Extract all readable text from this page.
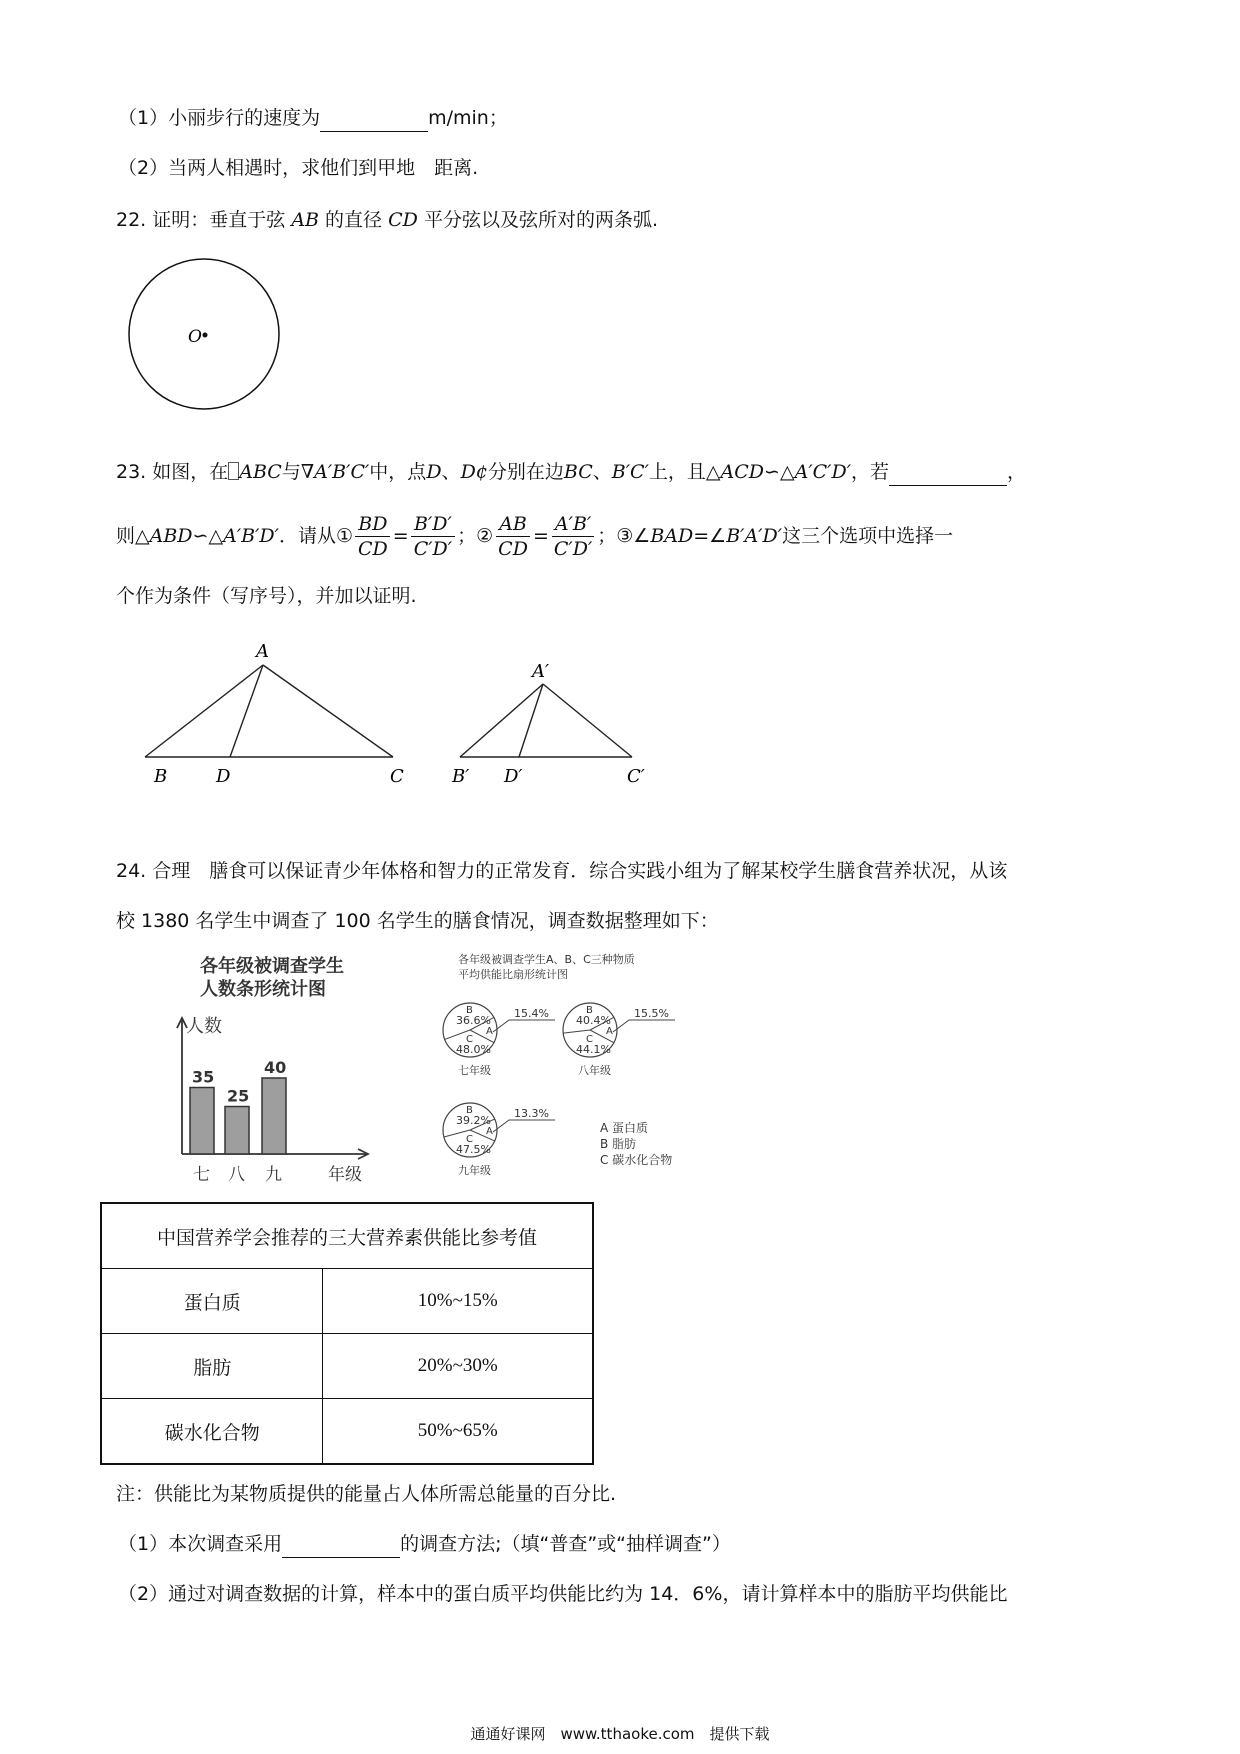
（1）小丽步行的速度为	m/min；
（2）当两人相遇时，求他们到甲地　距离.
22. 证明：垂直于弦 AB 的直径 CD 平分弦以及弦所对的两条弧.
O
23. 如图，在 ABC与∇A′B′C′中，点D、D¢分别在边BC、B′C′上，且△ACD∽△A′C′D′，若	，
则△ABD∽△A′B′D′．请从① $\frac{BD}{CD} = \frac{B'D'}{C'D'}$ ；② $\frac{AB}{CD} = \frac{A'B'}{C'D'}$ ；③∠BAD=∠B′A′D′这三个选项中选择一
个作为条件（写序号），并加以证明.
A
B	D	C
A′
B′ D′	C′
24. 合理　膳食可以保证青少年体格和智力的正常发育．综合实践小组为了解某校学生膳食营养状况，从该
校 1380 名学生中调查了 100 名学生的膳食情况，调查数据整理如下：
各年级被调查学生
人数条形统计图
人数
年级
35
七
25
八
40
九
各年级被调查学生A、B、C三种物质
平均供能比扇形统计图
B
36.6%
A
C
48.0%
15.4%
七年级
B
40.4%
A
C
44.1%
15.5%
八年级
B
39.2%
A
C
47.5%
13.3%
九年级
A 蛋白质
B 脂肪
C 碳水化合物
中国营养学会推荐的三大营养素供能比参考值	
蛋白质	10%~15%
脂肪	20%~30%
碳水化合物	50%~65%
注：供能比为某物质提供的能量占人体所需总能量的百分比.
（1）本次调查采用	的调查方法;（填“普查”或“抽样调查”）
（2）通过对调查数据的计算，样本中的蛋白质平均供能比约为 14．6%，请计算样本中的脂肪平均供能比
通通好课网　www.tthaoke.com　提供下载
